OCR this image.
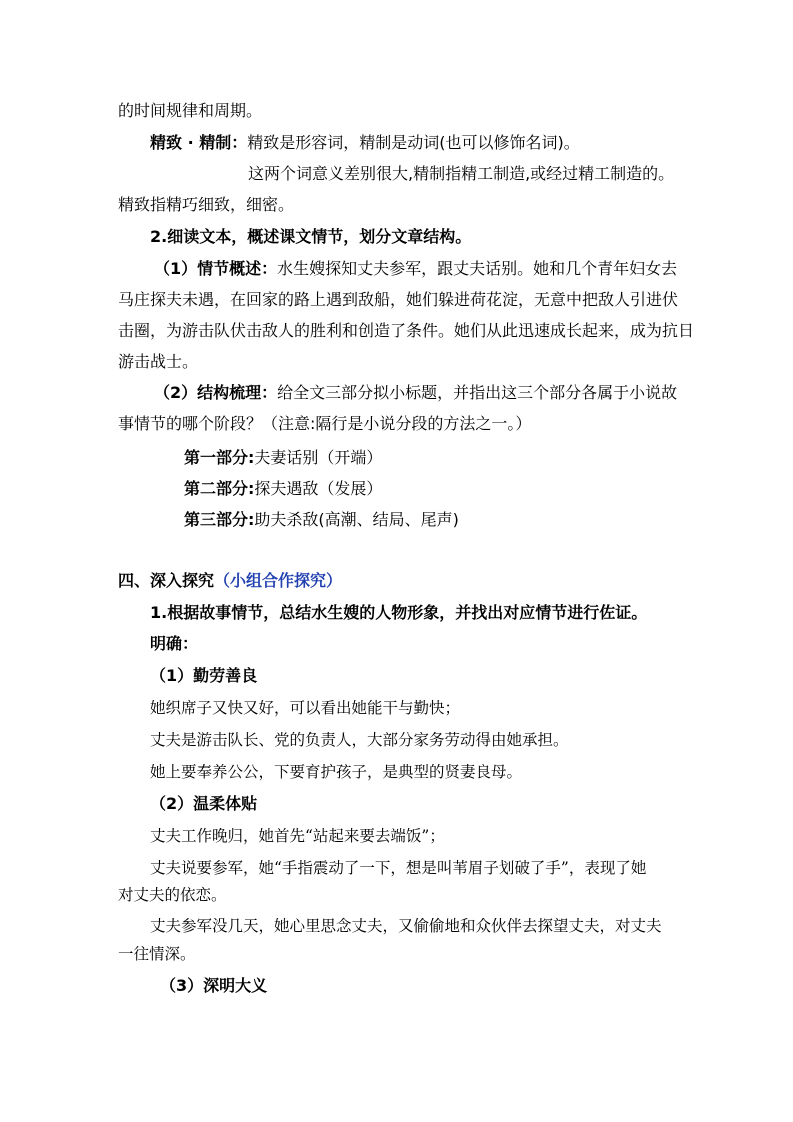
的时间规律和周期。
精致 · 精制：精致是形容词，精制是动词(也可以修饰名词)。
这两个词意义差别很大,精制指精工制造,或经过精工制造的。
精致指精巧细致，细密。
2.细读文本，概述课文情节，划分文章结构。
（1）情节概述：水生嫂探知丈夫参军，跟丈夫话别。她和几个青年妇女去
马庄探夫未遇，在回家的路上遇到敌船，她们躲进荷花淀，无意中把敌人引进伏
击圈，为游击队伏击敌人的胜利和创造了条件。她们从此迅速成长起来，成为抗日
游击战士。
（2）结构梳理：给全文三部分拟小标题，并指出这三个部分各属于小说故
事情节的哪个阶段？（注意:隔行是小说分段的方法之一。）
第一部分:夫妻话别（开端）
第二部分:探夫遇敌（发展）
第三部分:助夫杀敌(高潮、结局、尾声)
四、深入探究（小组合作探究）
1.根据故事情节，总结水生嫂的人物形象，并找出对应情节进行佐证。
明确：
（1）勤劳善良
她织席子又快又好，可以看出她能干与勤快；
丈夫是游击队长、党的负责人，大部分家务劳动得由她承担。
她上要奉养公公，下要育护孩子，是典型的贤妻良母。
（2）温柔体贴
丈夫工作晚归，她首先“站起来要去端饭”；
丈夫说要参军，她“手指震动了一下，想是叫苇眉子划破了手”，表现了她
对丈夫的依恋。
丈夫参军没几天，她心里思念丈夫，又偷偷地和众伙伴去探望丈夫，对丈夫
一往情深。
（3）深明大义
